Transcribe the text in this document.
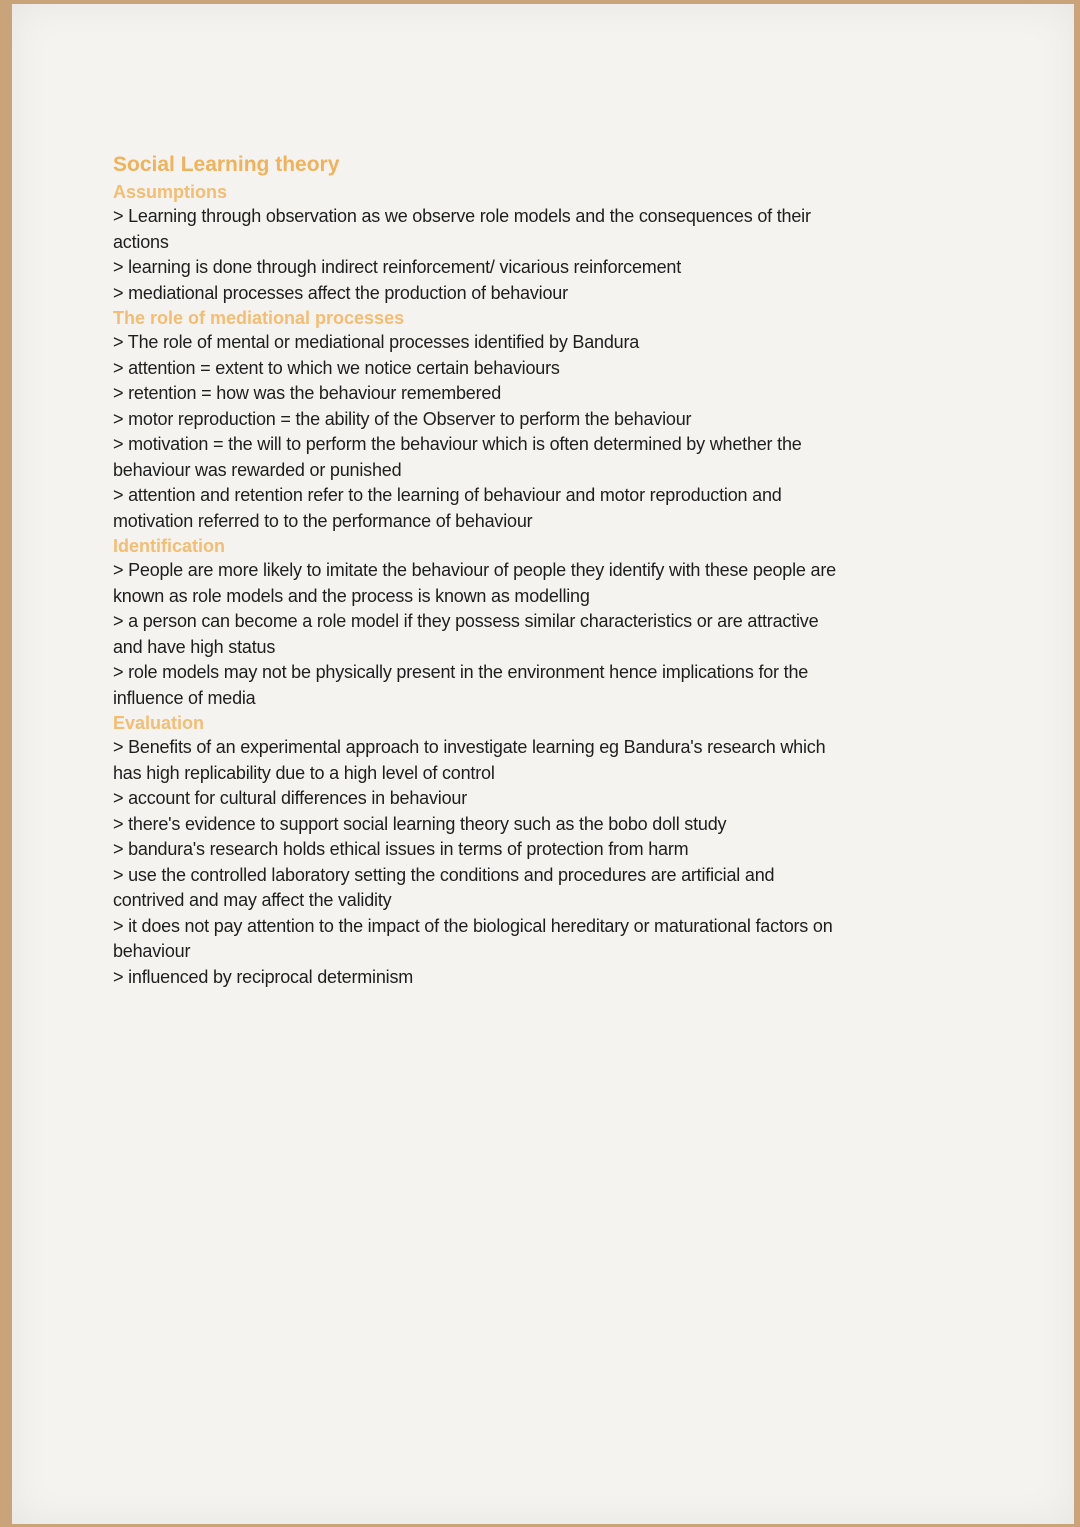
Social Learning theory

Assumptions

> Learning through observation as we observe role models and the consequences of their

actions

> learning is done through indirect reinforcement/ vicarious reinforcement

> mediational processes affect the production of behaviour

The role of mediational processes

> The role of mental or mediational processes identified by Bandura

> attention = extent to which we notice certain behaviours

> retention = how was the behaviour remembered

> motor reproduction = the ability of the Observer to perform the behaviour

> motivation = the will to perform the behaviour which is often determined by whether the

behaviour was rewarded or punished

> attention and retention refer to the learning of behaviour and motor reproduction and

motivation referred to to the performance of behaviour

Identification

> People are more likely to imitate the behaviour of people they identify with these people are

known as role models and the process is known as modelling

> a person can become a role model if they possess similar characteristics or are attractive

and have high status

> role models may not be physically present in the environment hence implications for the

influence of media

Evaluation

> Benefits of an experimental approach to investigate learning eg Bandura's research which

has high replicability due to a high level of control

> account for cultural differences in behaviour

> there's evidence to support social learning theory such as the bobo doll study

> bandura's research holds ethical issues in terms of protection from harm

> use the controlled laboratory setting the conditions and procedures are artificial and

contrived and may affect the validity

> it does not pay attention to the impact of the biological hereditary or maturational factors on

behaviour

> influenced by reciprocal determinism
